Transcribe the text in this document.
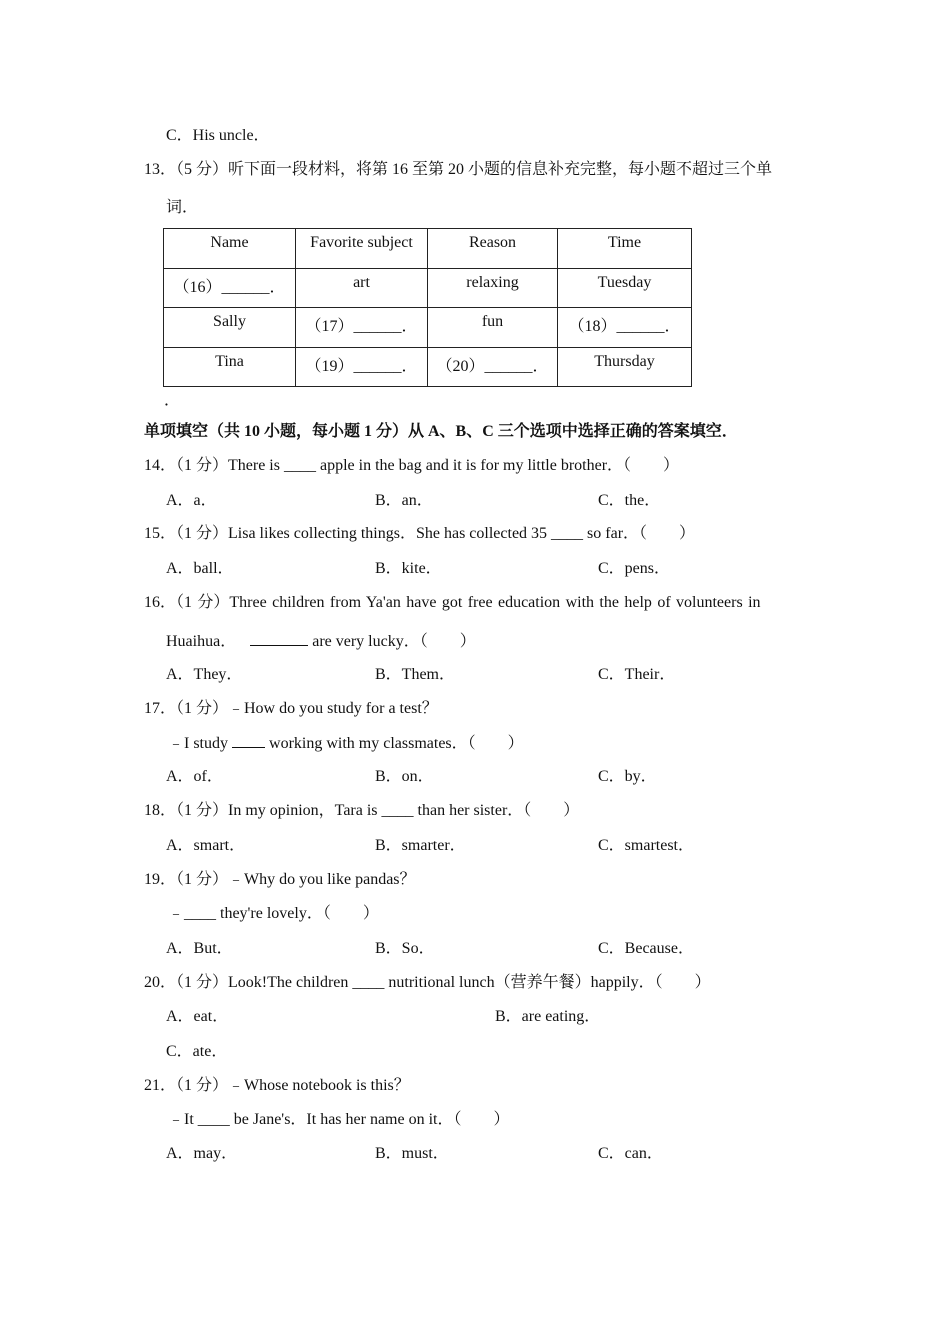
C．His uncle．
13．（5 分）听下面一段材料，将第 16 至第 20 小题的信息补充完整，每小题不超过三个单
词．
Name	Favorite subject	Reason	Time
（16）______．	art	relaxing	Tuesday
Sally	（17）______．	fun	（18）______．
Tina	（19）______．	（20）______．	Thursday
．
单项填空（共 10 小题，每小题 1 分）从 A、B、C 三个选项中选择正确的答案填空．
14．（1 分）There is ____ apple in the bag and it is for my little brother．（　　）
A．a．	B．an．	C．the．
15．（1 分）Lisa likes collecting things．She has collected 35 ____ so far．（　　）
A．ball．	B．kite．	C．pens．
16．（1 分）Three children from Ya'an have got free education with the help of volunteers in
Huaihua．	are very lucky．（　　）
A．They．	B．Them．	C．Their．
17．（1 分）﹣How do you study for a test？
﹣I study  working with my classmates．（　　）
A．of．	B．on．	C．by．
18．（1 分）In my opinion，Tara is ____ than her sister．（　　）
A．smart．	B．smarter．	C．smartest．
19．（1 分）﹣Why do you like pandas？
﹣____ they're lovely．（　　）
A．But．	B．So．	C．Because．
20．（1 分）Look!The children ____ nutritional lunch（营养午餐）happily．（　　）
A．eat．	B．are eating．
C．ate．
21．（1 分）﹣Whose notebook is this？
﹣It ____ be Jane's．It has her name on it．（　　）
A．may．	B．must．	C．can．
